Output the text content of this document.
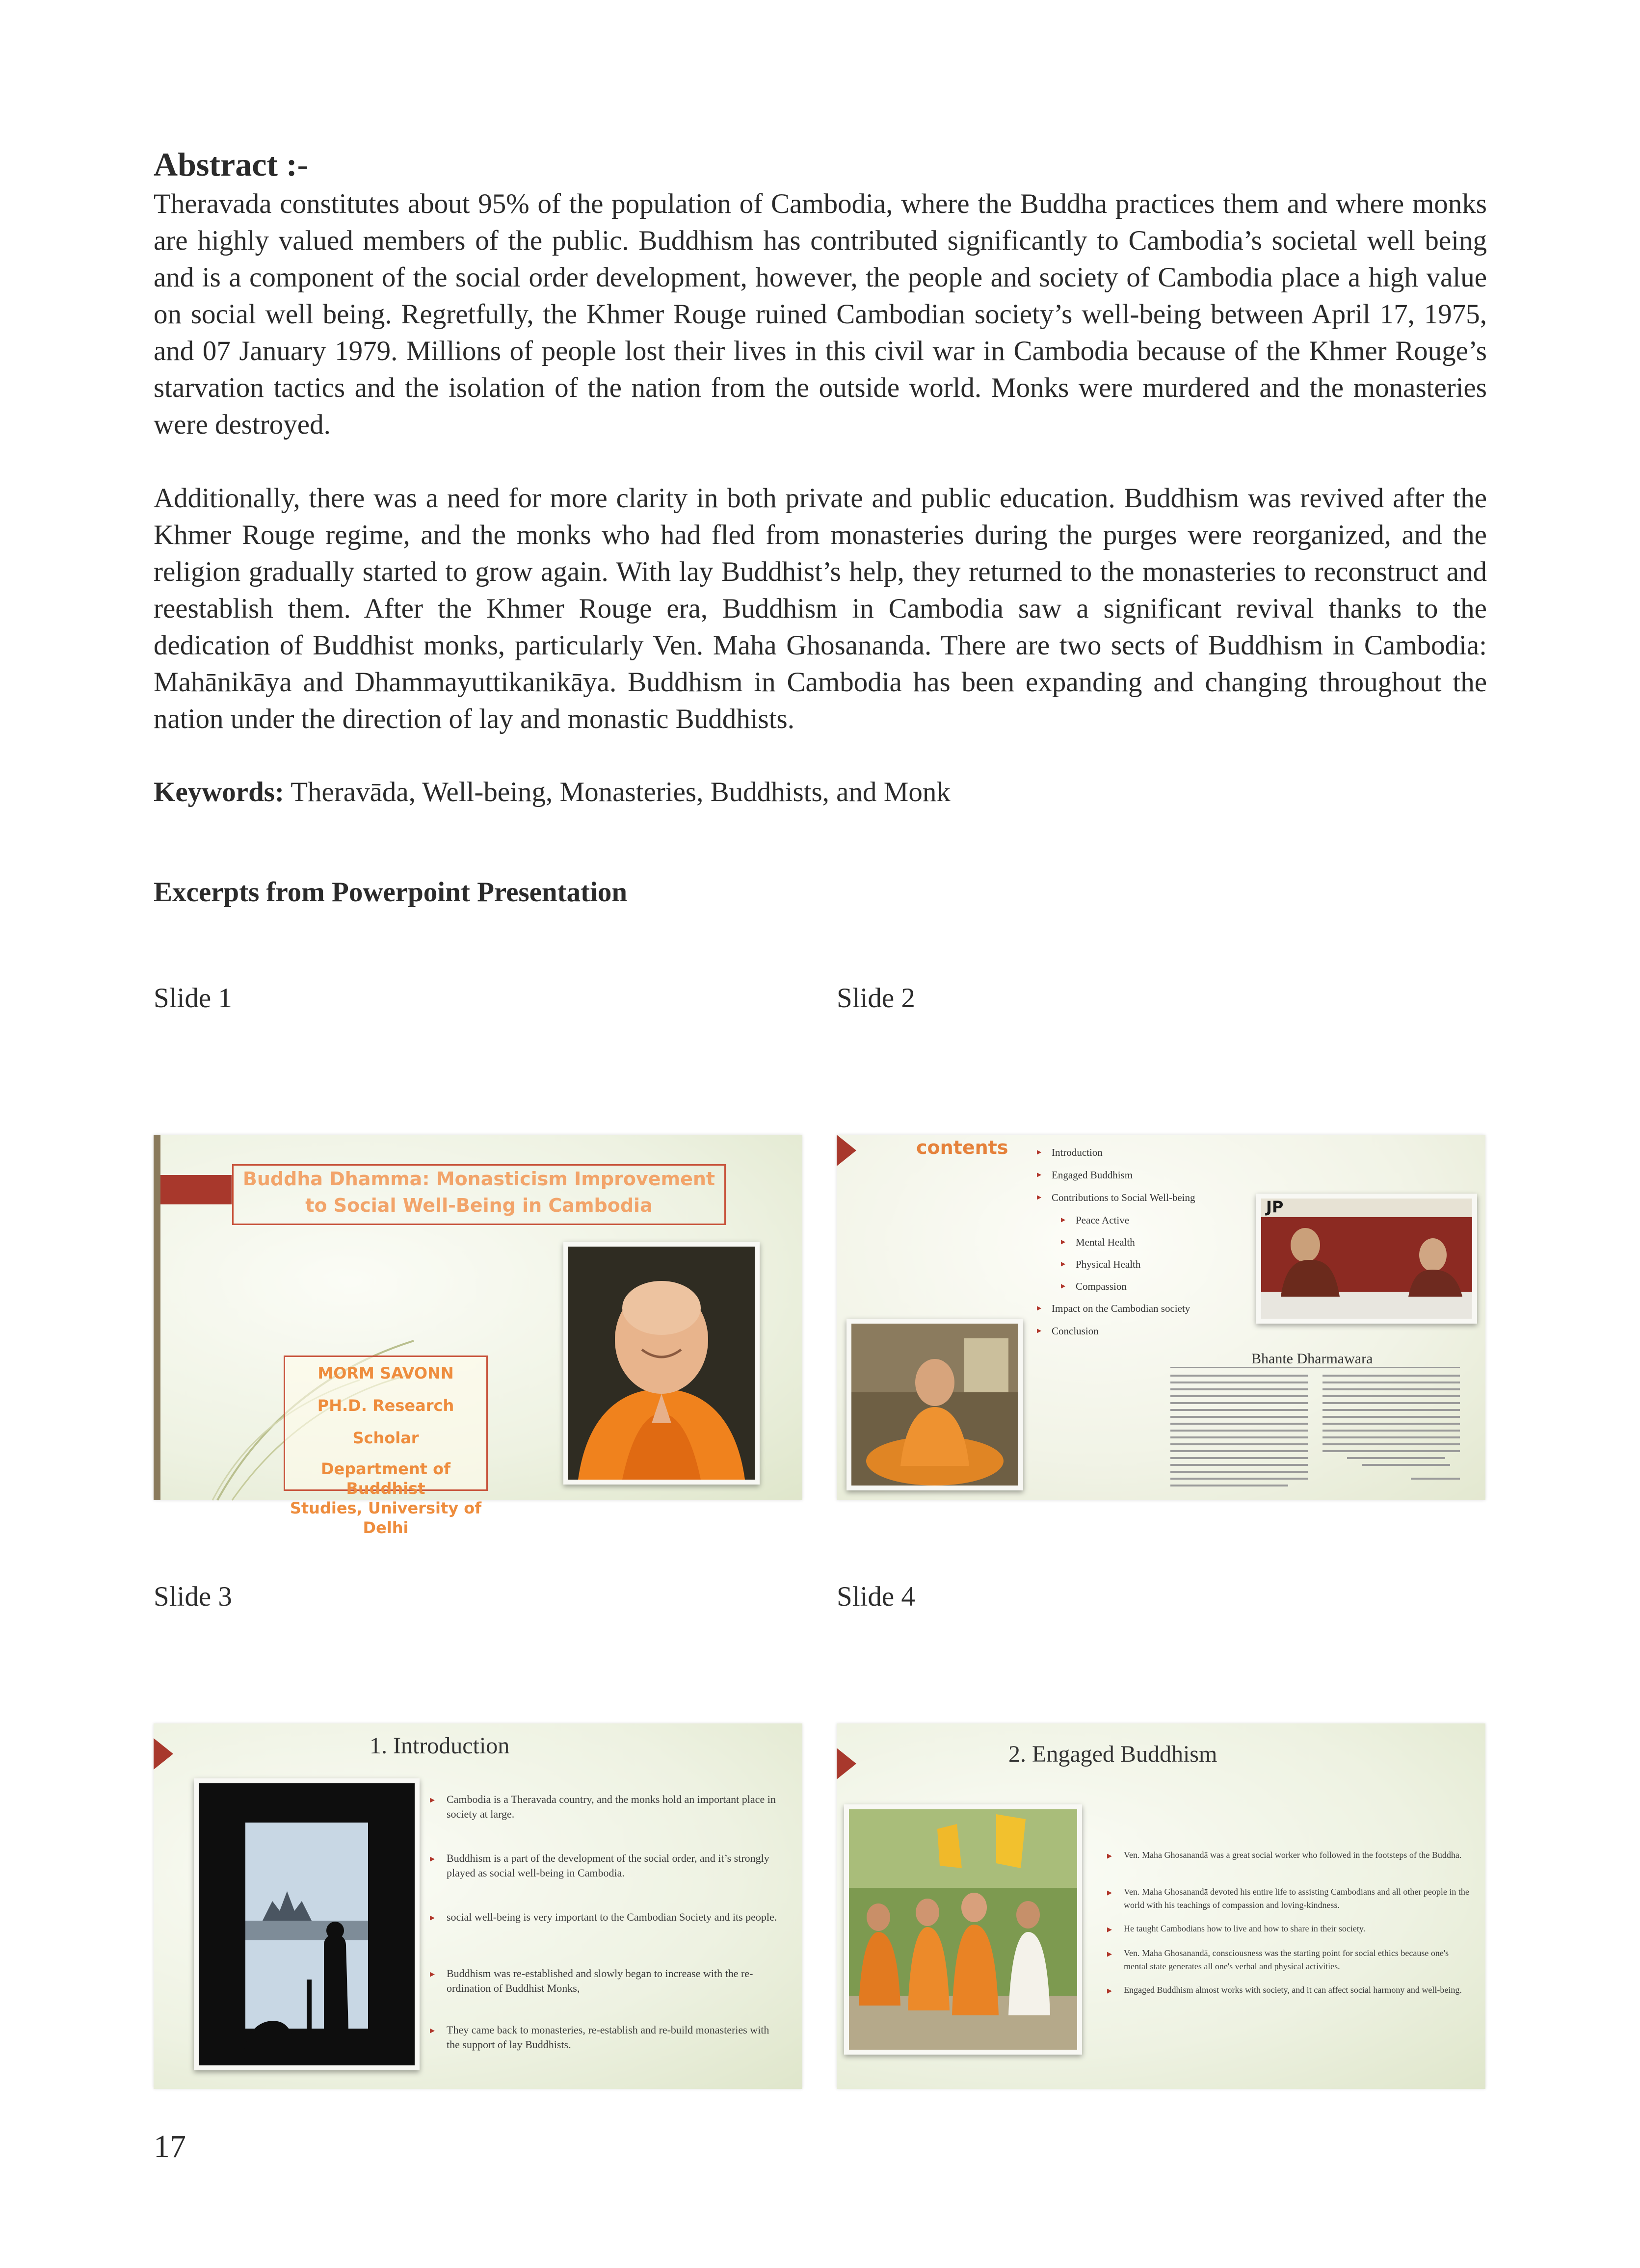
Abstract :-

Theravada constitutes about 95% of the population of Cambodia, where the Buddha practices them and where monks are highly valued members of the public. Buddhism has contributed significantly to Cambodia’s societal well being and is a component of the social order development, however, the people and society of Cambodia place a high value on social well being. Regretfully, the Khmer Rouge ruined Cambodian society’s well-being between April 17, 1975, and 07 January 1979. Millions of people lost their lives in this civil war in Cambodia because of the Khmer Rouge’s starvation tactics and the isolation of the nation from the outside world. Monks were murdered and the monasteries were destroyed.

Additionally, there was a need for more clarity in both private and public education. Buddhism was revived after the Khmer Rouge regime, and the monks who had fled from monasteries during the purges were reorganized, and the religion gradually started to grow again. With lay Buddhist’s help, they returned to the monasteries to reconstruct and reestablish them. After the Khmer Rouge era, Buddhism in Cambodia saw a significant revival thanks to the dedication of Buddhist monks, particularly Ven. Maha Ghosananda. There are two sects of Buddhism in Cambodia: Mahānikāya and Dhammayuttikanikāya. Buddhism in Cambodia has been expanding and changing throughout the nation under the direction of lay and monastic Buddhists.

Keywords: Theravāda, Well-being, Monasteries, Buddhists, and Monk
Excerpts from Powerpoint Presentation
Slide 1	Slide 2
Slide 3	Slide 4
Buddha Dhamma: Monasticism Improvement
to Social Well-Being in Cambodia
MORM SAVONN
PH.D. Research Scholar
Department of Buddhist
Studies, University of Delhi
contents
▶	Introduction
▶ Engaged Buddhism
▶ Contributions to Social Well-being
▶ Peace Active
▶ Mental Health
▶ Physical Health
▶ Compassion
▶ Impact on the Cambodian society
▶ Conclusion
JP
Bhante Dharmawara
1. Introduction
▶ Cambodia is a Theravada country, and the monks hold an important place in society at large.
▶ Buddhism is a part of the development of the social order, and it’s strongly played as social well-being in Cambodia.
▶ social well-being is very important to the Cambodian Society and its people.
▶ Buddhism was re-established and slowly began to increase with the re-ordination of Buddhist Monks,
▶ They came back to monasteries, re-establish and re-build monasteries with the support of lay Buddhists.
2. Engaged Buddhism
▶ Ven. Maha Ghosanandā was a great social worker who followed in the footsteps of the Buddha.
▶ Ven. Maha Ghosanandā devoted his entire life to assisting Cambodians and all other people in the world with his teachings of compassion and loving-kindness.
▶ He taught Cambodians how to live and how to share in their society.
▶ Ven. Maha Ghosanandā, consciousness was the starting point for social ethics because one's mental state generates all one's verbal and physical activities.
▶ Engaged Buddhism almost works with society, and it can affect social harmony and well-being.
17
